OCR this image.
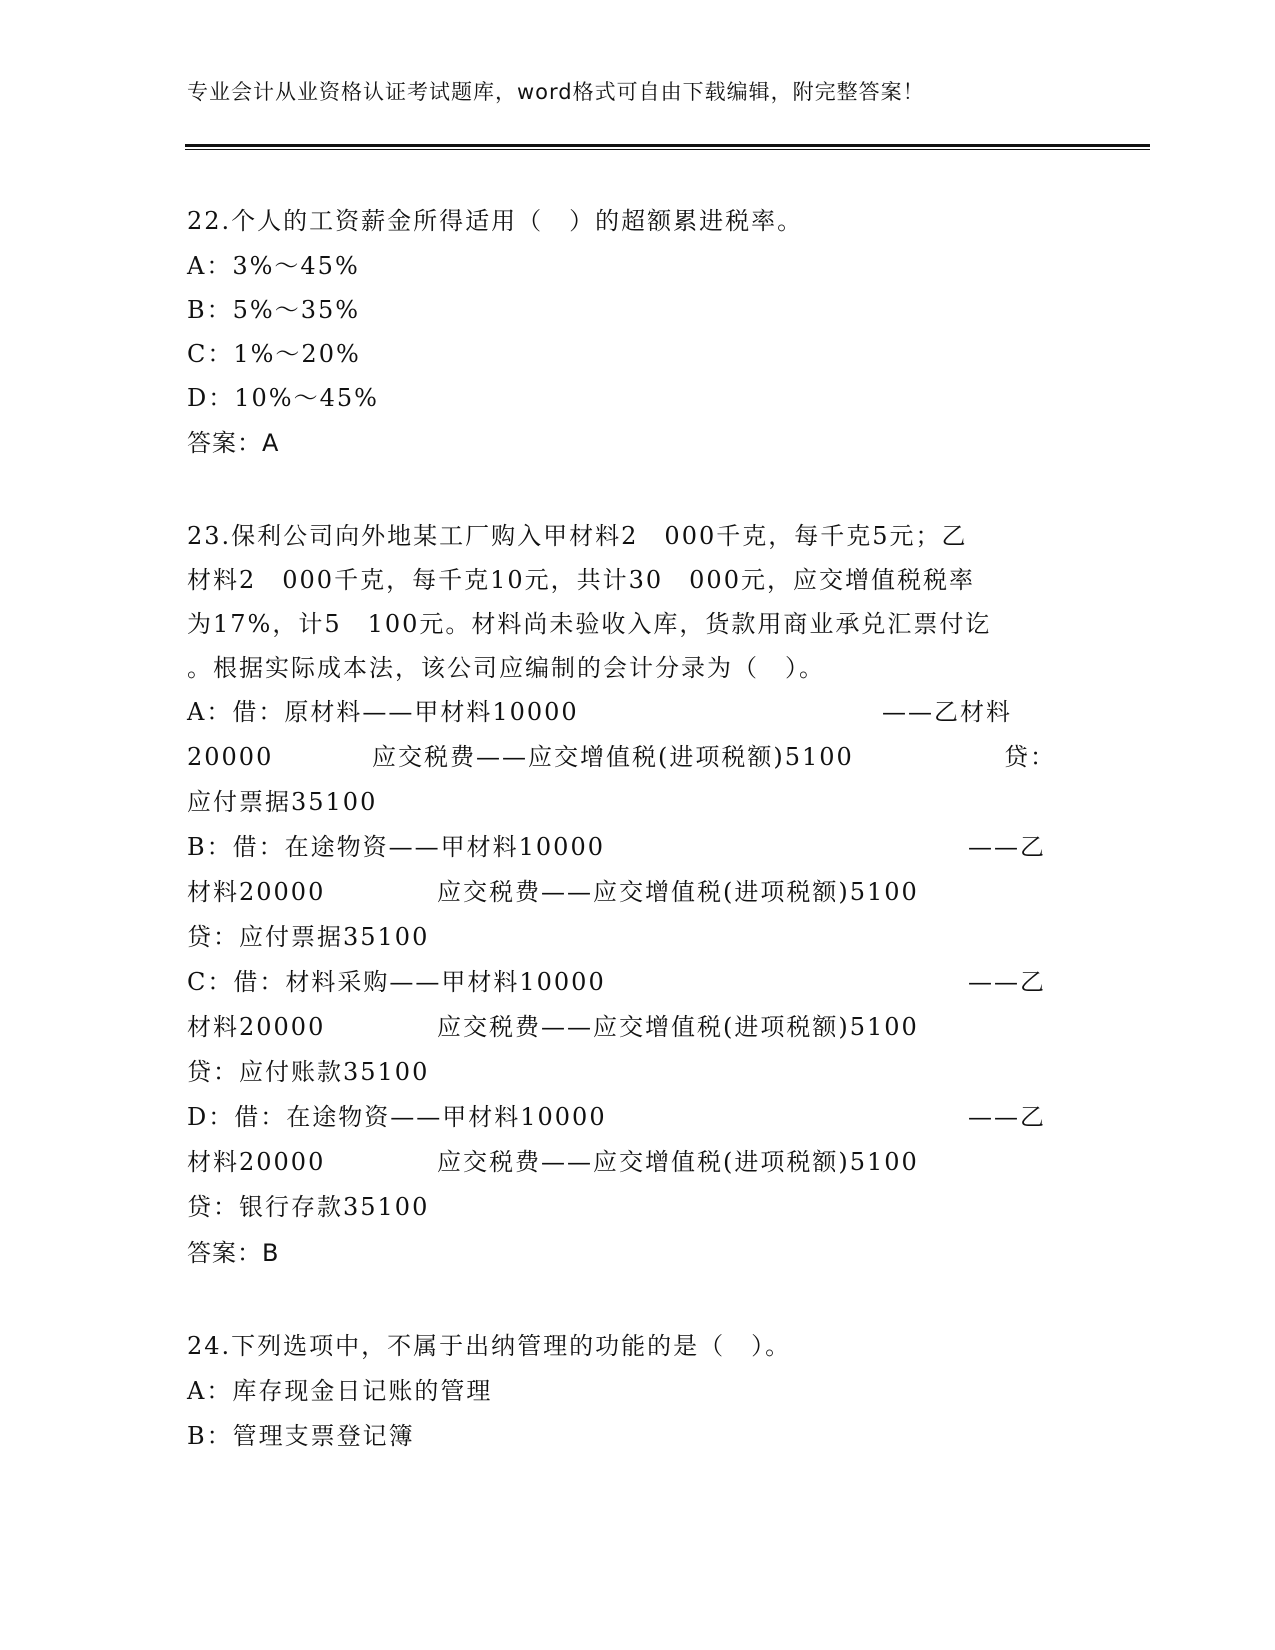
专业会计从业资格认证考试题库，word格式可自由下载编辑，附完整答案！
22.个人的工资薪金所得适用（　）的超额累进税率。
A：3%～45%
B：5%～35%
C：1%～20%
D：10%～45%
答案：A
23.保利公司向外地某工厂购入甲材料2　000千克，每千克5元；乙
材料2　000千克，每千克10元，共计30　000元，应交增值税税率
为17%，计5　100元。材料尚未验收入库，货款用商业承兑汇票付讫
。根据实际成本法，该公司应编制的会计分录为（　）。
A：借：原材料——甲材料10000	——乙材料
20000	应交税费——应交增值税(进项税额)5100	贷：
应付票据35100
B：借：在途物资——甲材料10000	——乙
材料20000	应交税费——应交增值税(进项税额)5100
贷：应付票据35100
C：借：材料采购——甲材料10000	——乙
材料20000	应交税费——应交增值税(进项税额)5100
贷：应付账款35100
D：借：在途物资——甲材料10000	——乙
材料20000	应交税费——应交增值税(进项税额)5100
贷：银行存款35100
答案：B
24.下列选项中，不属于出纳管理的功能的是（　）。
A：库存现金日记账的管理
B：管理支票登记簿
